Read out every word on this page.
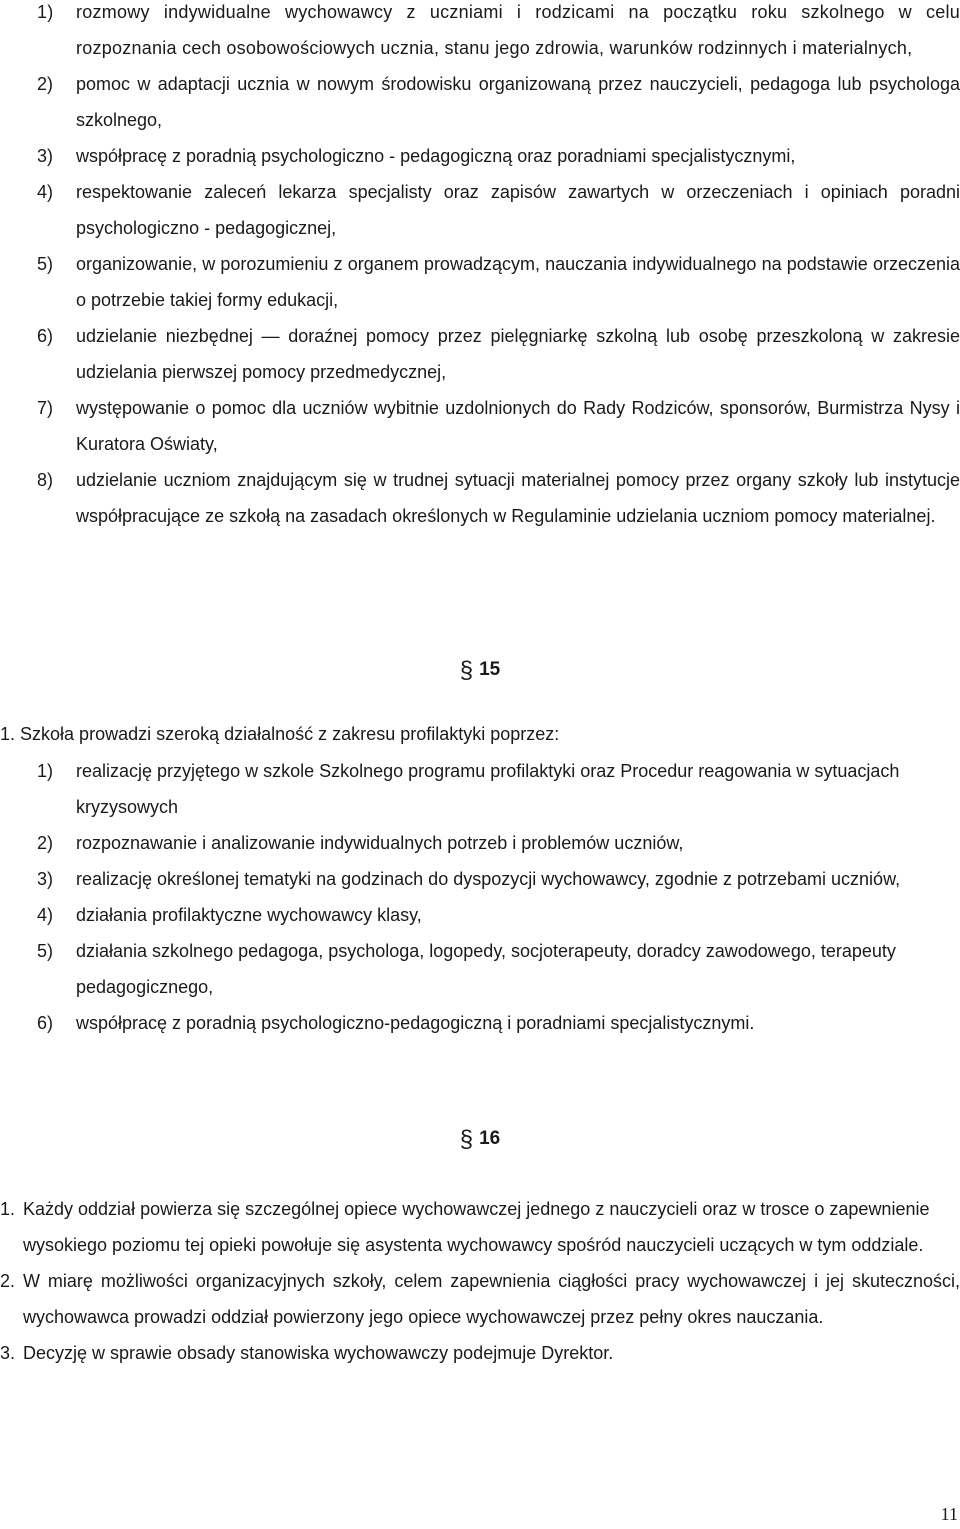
1) rozmowy indywidualne wychowawcy z uczniami i rodzicami na początku roku szkolnego w celu rozpoznania cech osobowościowych ucznia, stanu jego zdrowia, warunków rodzinnych i materialnych,
2) pomoc w adaptacji ucznia w nowym środowisku organizowaną przez nauczycieli, pedagoga lub psychologa szkolnego,
3) współpracę z poradnią psychologiczno - pedagogiczną oraz poradniami specjalistycznymi,
4) respektowanie zaleceń lekarza specjalisty oraz zapisów zawartych w orzeczeniach i opiniach poradni psychologiczno - pedagogicznej,
5) organizowanie, w porozumieniu z organem prowadzącym, nauczania indywidualnego na podstawie orzeczenia o potrzebie takiej formy edukacji,
6) udzielanie niezbędnej — doraźnej pomocy przez pielęgniarkę szkolną lub osobę przeszkoloną w zakresie udzielania pierwszej pomocy przedmedycznej,
7) występowanie o pomoc dla uczniów wybitnie uzdolnionych do Rady Rodziców, sponsorów, Burmistrza Nysy i Kuratora Oświaty,
8) udzielanie uczniom znajdującym się w trudnej sytuacji materialnej pomocy przez organy szkoły lub instytucje współpracujące ze szkołą na zasadach określonych w Regulaminie udzielania uczniom pomocy materialnej.
§ 15
1. Szkoła prowadzi szeroką działalność z zakresu profilaktyki poprzez:
1) realizację przyjętego w szkole Szkolnego programu profilaktyki oraz Procedur reagowania w sytuacjach kryzysowych
2) rozpoznawanie i analizowanie indywidualnych potrzeb i problemów uczniów,
3) realizację określonej tematyki na godzinach do dyspozycji wychowawcy, zgodnie z potrzebami uczniów,
4) działania profilaktyczne wychowawcy klasy,
5) działania szkolnego pedagoga, psychologa, logopedy, socjoterapeuty, doradcy zawodowego, terapeuty pedagogicznego,
6) współpracę z poradnią psychologiczno-pedagogiczną i poradniami specjalistycznymi.
§ 16
1. Każdy oddział powierza się szczególnej opiece wychowawczej jednego z nauczycieli oraz w trosce o zapewnienie wysokiego poziomu tej opieki powołuje się asystenta wychowawcy spośród nauczycieli uczących w tym oddziale.
2. W miarę możliwości organizacyjnych szkoły, celem zapewnienia ciągłości pracy wychowawczej i jej skuteczności, wychowawca prowadzi oddział powierzony jego opiece wychowawczej przez pełny okres nauczania.
3. Decyzję w sprawie obsady stanowiska wychowawczy podejmuje Dyrektor.
11
